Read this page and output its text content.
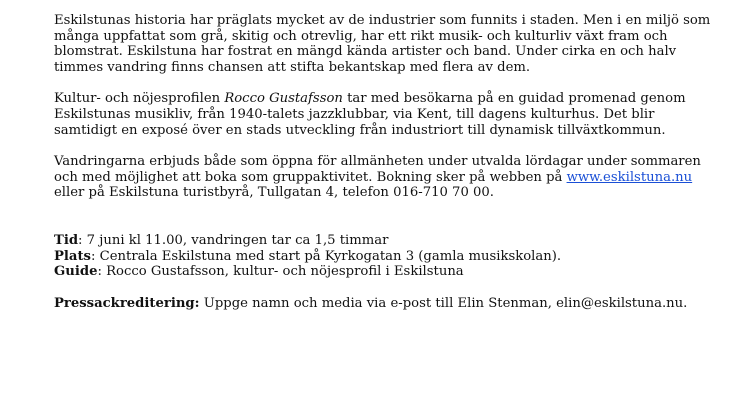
Eskilstunas historia har präglats mycket av de industrier som funnits i staden. Men i en miljö som många uppfattat som grå, skitig och otrevlig, har ett rikt musik- och kulturliv växt fram och blomstrat. Eskilstuna har fostrat en mängd kända artister och band. Under cirka en och halv timmes vandring finns chansen att stifta bekantskap med flera av dem.

Kultur- och nöjesprofilen Rocco Gustafsson tar med besökarna på en guidad promenad genom Eskilstunas musikliv, från 1940-talets jazzklubbar, via Kent, till dagens kulturhus. Det blir samtidigt en exposé över en stads utveckling från industriort till dynamisk tillväxtkommun.

Vandringarna erbjuds både som öppna för allmänheten under utvalda lördagar under sommaren och med möjlighet att boka som gruppaktivitet. Bokning sker på webben på www.eskilstuna.nu eller på Eskilstuna turistbyrå, Tullgatan 4, telefon 016-710 70 00.

Tid: 7 juni kl 11.00, vandringen tar ca 1,5 timmar

Plats: Centrala Eskilstuna med start på Kyrkogatan 3 (gamla musikskolan).

Guide: Rocco Gustafsson, kultur- och nöjesprofil i Eskilstuna

Pressackreditering: Uppge namn och media via e-post till Elin Stenman, elin@eskilstuna.nu.
